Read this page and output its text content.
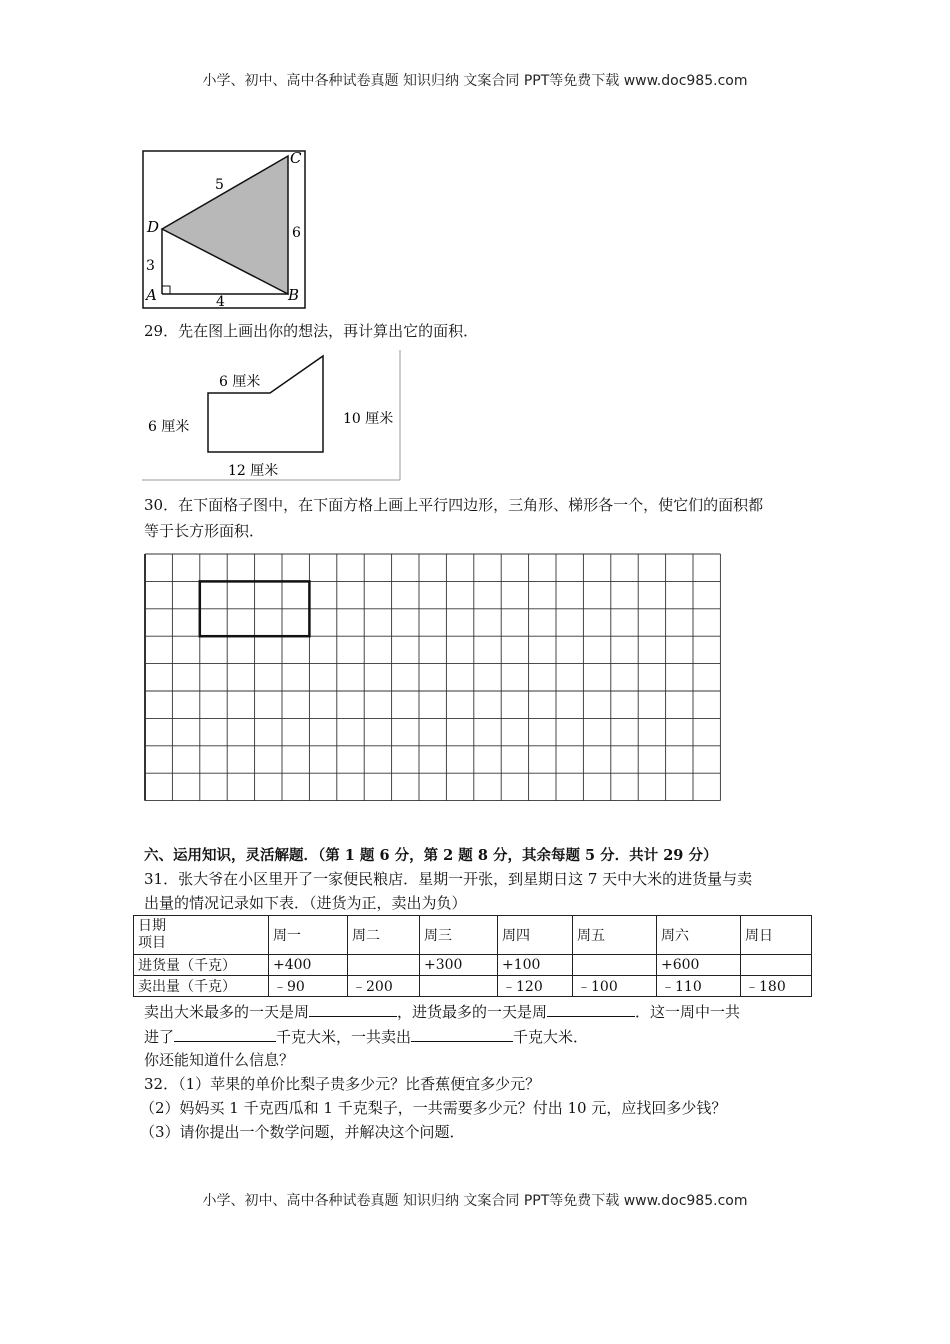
小学、初中、高中各种试卷真题 知识归纳 文案合同 PPT等免费下载 www.doc985.com
D
C
A	B
5
6
3
4
29．先在图上画出你的想法，再计算出它的面积．
6 厘米
6 厘米	10 厘米
12 厘米
30．在下面格子图中，在下面方格上画上平行四边形，三角形、梯形各一个，使它们的面积都
等于长方形面积．
六、运用知识，灵活解题．（第 1 题 6 分，第 2 题 8 分，其余每题 5 分．共计 29 分）
31．张大爷在小区里开了一家便民粮店．星期一开张，到星期日这 7 天中大米的进货量与卖
出量的情况记录如下表．（进货为正，卖出为负）
日期
项目	周一	周二	周三	周四	周五	周六	周日
进货量（千克）	+400		+300	+100		+600	
卖出量（千克）	﹣90	﹣200		﹣120	﹣100	﹣110	﹣180
卖出大米最多的一天是周	，进货最多的一天是周	．这一周中一共
进了	千克大米，一共卖出	千克大米．
你还能知道什么信息？
32．（1）苹果的单价比梨子贵多少元？比香蕉便宜多少元？
（2）妈妈买 1 千克西瓜和 1 千克梨子，一共需要多少元？付出 10 元，应找回多少钱？
（3）请你提出一个数学问题，并解决这个问题．
小学、初中、高中各种试卷真题 知识归纳 文案合同 PPT等免费下载 www.doc985.com
